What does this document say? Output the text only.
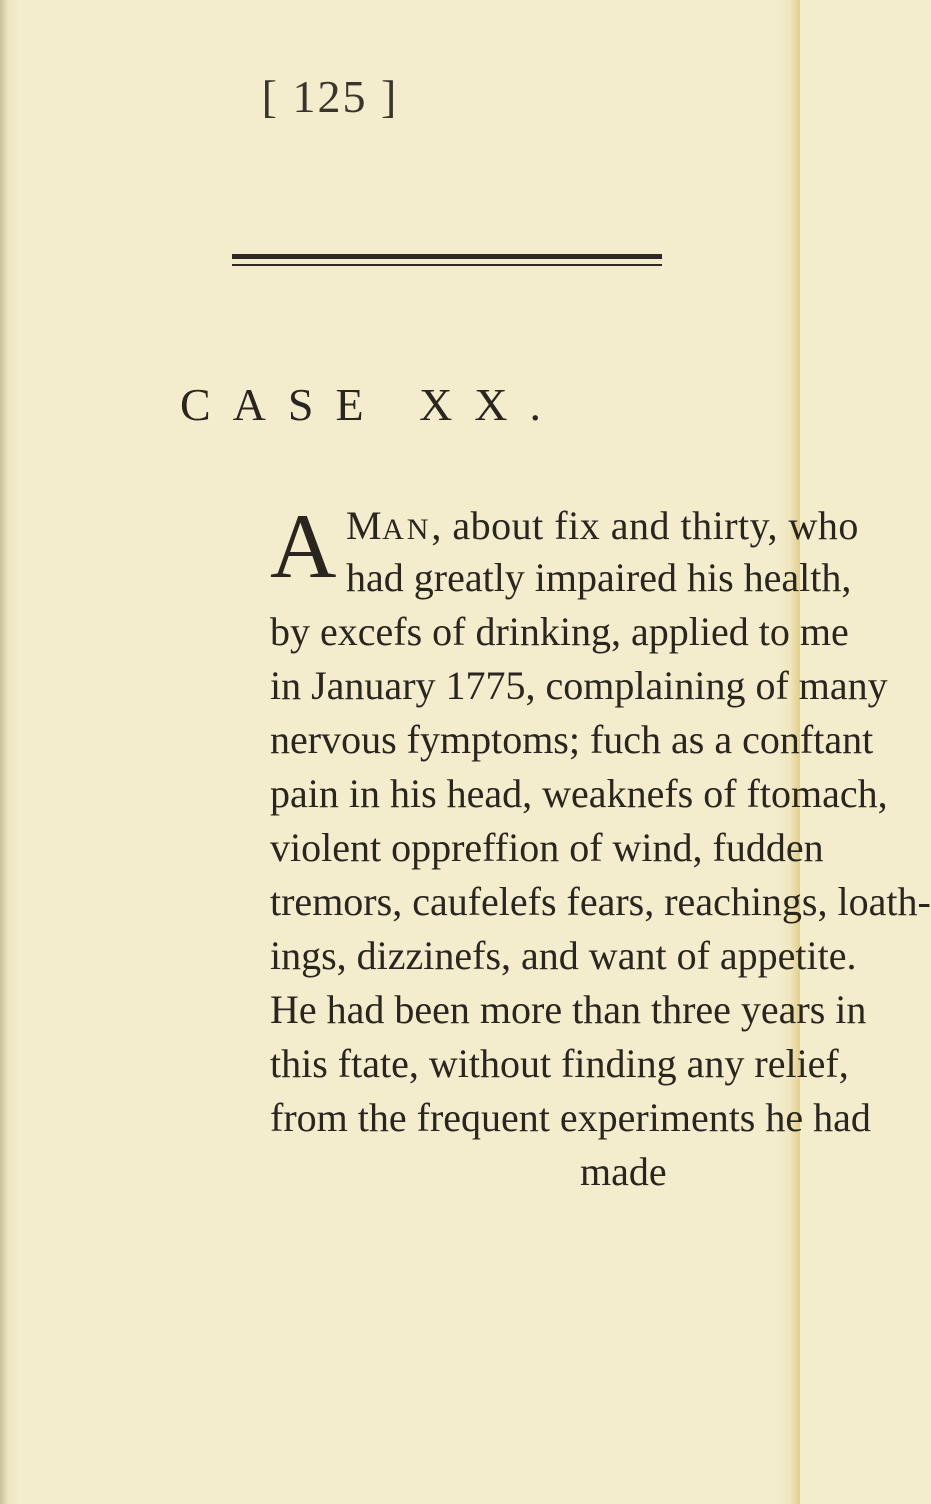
[ 125 ]
CASE XX.
A MAN, about fix and thirty, who
had greatly impaired his health,
by excefs of drinking, applied to me
in January 1775, complaining of many
nervous fymptoms; fuch as a conftant
pain in his head, weaknefs of ftomach,
violent oppreffion of wind, fudden
tremors, caufelefs fears, reachings, loath-
ings, dizzinefs, and want of appetite.
He had been more than three years in
this ftate, without finding any relief,
from the frequent experiments he had
made
